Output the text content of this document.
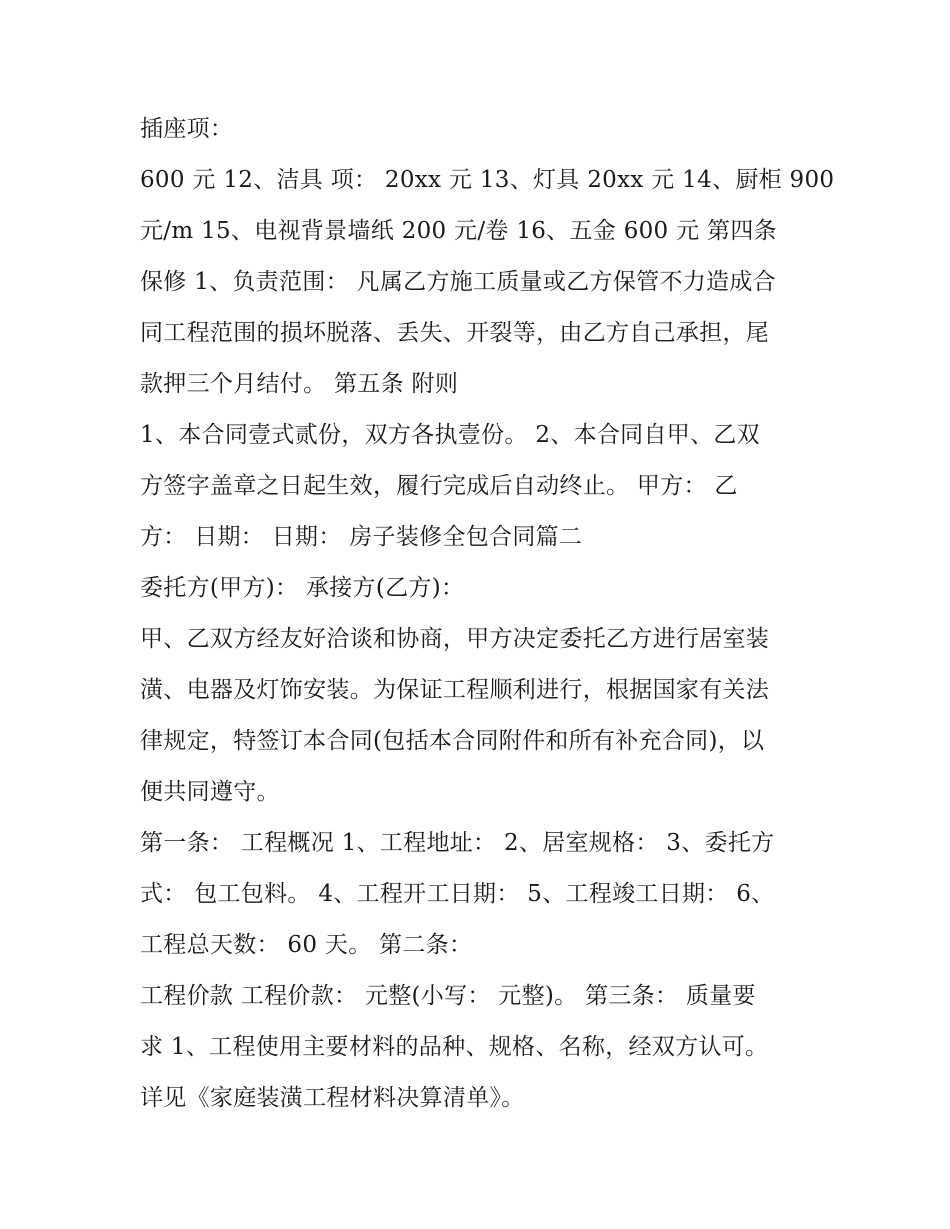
插座项：
600 元 12、洁具 项： 20xx 元 13、灯具 20xx 元 14、厨柜 900
元/m 15、电视背景墙纸 200 元/卷 16、五金 600 元 第四条
保修 1、负责范围： 凡属乙方施工质量或乙方保管不力造成合
同工程范围的损坏脱落、丢失、开裂等，由乙方自己承担，尾
款押三个月结付。 第五条 附则
1、本合同壹式贰份，双方各执壹份。 2、本合同自甲、乙双
方签字盖章之日起生效，履行完成后自动终止。 甲方： 乙
方： 日期： 日期： 房子装修全包合同篇二
委托方(甲方)： 承接方(乙方)：
甲、乙双方经友好洽谈和协商，甲方决定委托乙方进行居室装
潢、电器及灯饰安装。为保证工程顺利进行，根据国家有关法
律规定，特签订本合同(包括本合同附件和所有补充合同)，以
便共同遵守。
第一条： 工程概况 1、工程地址： 2、居室规格： 3、委托方
式： 包工包料。 4、工程开工日期： 5、工程竣工日期： 6、
工程总天数： 60 天。 第二条：
工程价款 工程价款： 元整(小写： 元整)。 第三条： 质量要
求 1、工程使用主要材料的品种、规格、名称，经双方认可。
详见《家庭装潢工程材料决算清单》。
